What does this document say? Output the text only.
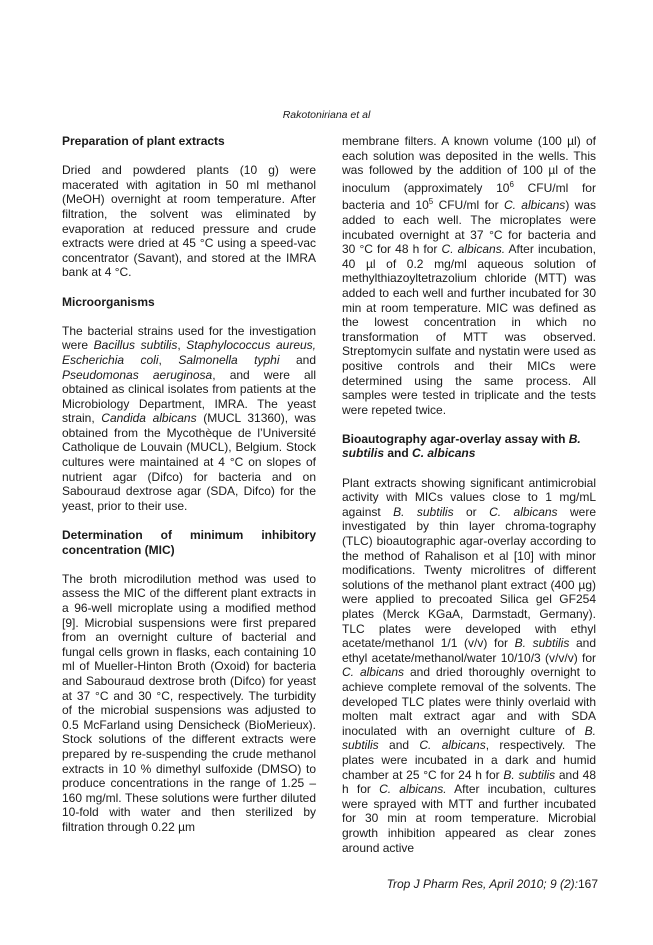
Rakotoniriana et al
Preparation of plant extracts

Dried and powdered plants (10 g) were macerated with agitation in 50 ml methanol (MeOH) overnight at room temperature. After filtration, the solvent was eliminated by evaporation at reduced pressure and crude extracts were dried at 45 °C using a speed-vac concentrator (Savant), and stored at the IMRA bank at 4 °C.

Microorganisms

The bacterial strains used for the investigation were Bacillus subtilis, Staphylococcus aureus, Escherichia coli, Salmonella typhi and Pseudomonas aeruginosa, and were all obtained as clinical isolates from patients at the Microbiology Department, IMRA. The yeast strain, Candida albicans (MUCL 31360), was obtained from the Mycothèque de l’Université Catholique de Louvain (MUCL), Belgium. Stock cultures were maintained at 4 °C on slopes of nutrient agar (Difco) for bacteria and on Sabouraud dextrose agar (SDA, Difco) for the yeast, prior to their use.

Determination of minimum inhibitory concentration (MIC)

The broth microdilution method was used to assess the MIC of the different plant extracts in a 96-well microplate using a modified method [9]. Microbial suspensions were first prepared from an overnight culture of bacterial and fungal cells grown in flasks, each containing 10 ml of Mueller-Hinton Broth (Oxoid) for bacteria and Sabouraud dextrose broth (Difco) for yeast at 37 °C and 30 °C, respectively. The turbidity of the microbial suspensions was adjusted to 0.5 McFarland using Densicheck (BioMerieux). Stock solutions of the different extracts were prepared by re-suspending the crude methanol extracts in 10 % dimethyl sulfoxide (DMSO) to produce concentrations in the range of 1.25 – 160 mg/ml. These solutions were further diluted 10-fold with water and then sterilized by filtration through 0.22 µm

membrane filters. A known volume (100 µl) of each solution was deposited in the wells. This was followed by the addition of 100 µl of the inoculum (approximately $10^6$ CFU/ml for bacteria and $10^5$ CFU/ml for C. albicans) was added to each well. The microplates were incubated overnight at 37 °C for bacteria and 30 °C for 48 h for C. albicans. After incubation, 40 µl of 0.2 mg/ml aqueous solution of methylthiazoyltetrazolium chloride (MTT) was added to each well and further incubated for 30 min at room temperature. MIC was defined as the lowest concentration in which no transformation of MTT was observed. Streptomycin sulfate and nystatin were used as positive controls and their MICs were determined using the same process. All samples were tested in triplicate and the tests were repeted twice.

Bioautography agar-overlay assay with B. subtilis and C. albicans

Plant extracts showing significant antimicrobial activity with MICs values close to 1 mg/mL against B. subtilis or C. albicans were investigated by thin layer chroma-tography (TLC) bioautographic agar-overlay according to the method of Rahalison et al [10] with minor modifications. Twenty microlitres of different solutions of the methanol plant extract (400 µg) were applied to precoated Silica gel GF254 plates (Merck KGaA, Darmstadt, Germany). TLC plates were developed with ethyl acetate/methanol 1/1 (v/v) for B. subtilis and ethyl acetate/methanol/water 10/10/3 (v/v/v) for C. albicans and dried thoroughly overnight to achieve complete removal of the solvents. The developed TLC plates were thinly overlaid with molten malt extract agar and with SDA inoculated with an overnight culture of B. subtilis and C. albicans, respectively. The plates were incubated in a dark and humid chamber at 25 °C for 24 h for B. subtilis and 48 h for C. albicans. After incubation, cultures were sprayed with MTT and further incubated for 30 min at room temperature. Microbial growth inhibition appeared as clear zones around active

Trop J Pharm Res, April 2010; 9 (2):167
